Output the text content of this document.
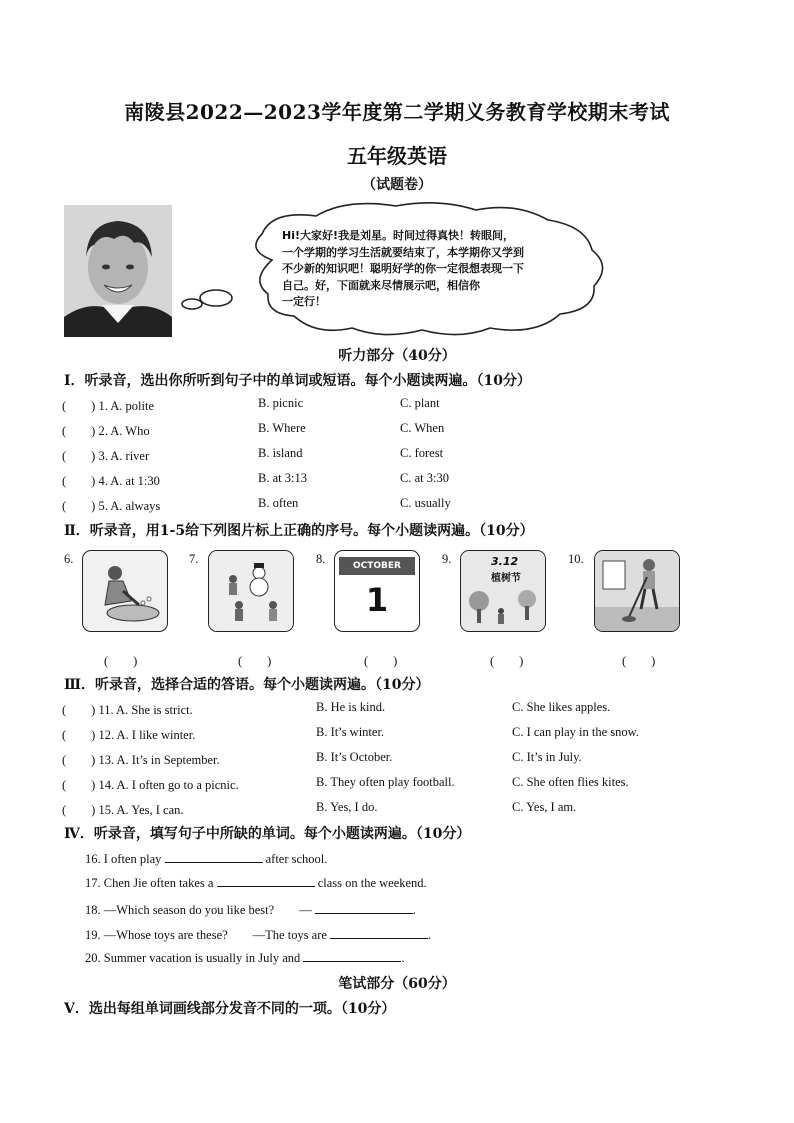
南陵县2022—2023学年度第二学期义务教育学校期末考试
五年级英语
（试题卷）
Hi!大家好!我是刘星。时间过得真快！转眼间，
一个学期的学习生活就要结束了，本学期你又学到
不少新的知识吧！聪明好学的你一定很想表现一下
自己。好，下面就来尽情展示吧，相信你
一定行！
听力部分（40分）
Ⅰ．听录音，选出你所听到句子中的单词或短语。每个小题读两遍。（10分）
(　　) 1. A. polite	B. picnic	C. plant
(　　) 2. A. Who	B. Where	C. When
(　　) 3. A. river	B. island	C. forest
(　　) 4. A. at 1:30	B. at 3:13	C. at 3:30
(　　) 5. A. always	B. often	C. usually
Ⅱ．听录音，用1-5给下列图片标上正确的序号。每个小题读两遍。（10分）
6.
(　　)
7.
(　　)
8.	OCTOBER
1
(　　)
9.	3.12
植树节
(　　)
10.
(　　)
Ⅲ．听录音，选择合适的答语。每个小题读两遍。（10分）
(　　) 11. A. She is strict.	B. He is kind.	C. She likes apples.
(　　) 12. A. I like winter.	B. It’s winter.	C. I can play in the snow.
(　　) 13. A. It’s in September.	B. It’s October.	C. It’s in July.
(　　) 14. A. I often go to a picnic.	B. They often play football.	C. She often flies kites.
(　　) 15. A. Yes, I can.	B. Yes, I do.	C. Yes, I am.
Ⅳ．听录音，填写句子中所缺的单词。每个小题读两遍。（10分）
16. I often play	after school.
17. Chen Jie often takes a	class on the weekend.
18. —Which season do you like best?　　—	.
19. —Whose toys are these?　　—The toys are	.
20. Summer vacation is usually in July and	.
笔试部分（60分）
Ⅴ．选出每组单词画线部分发音不同的一项。（10分）
